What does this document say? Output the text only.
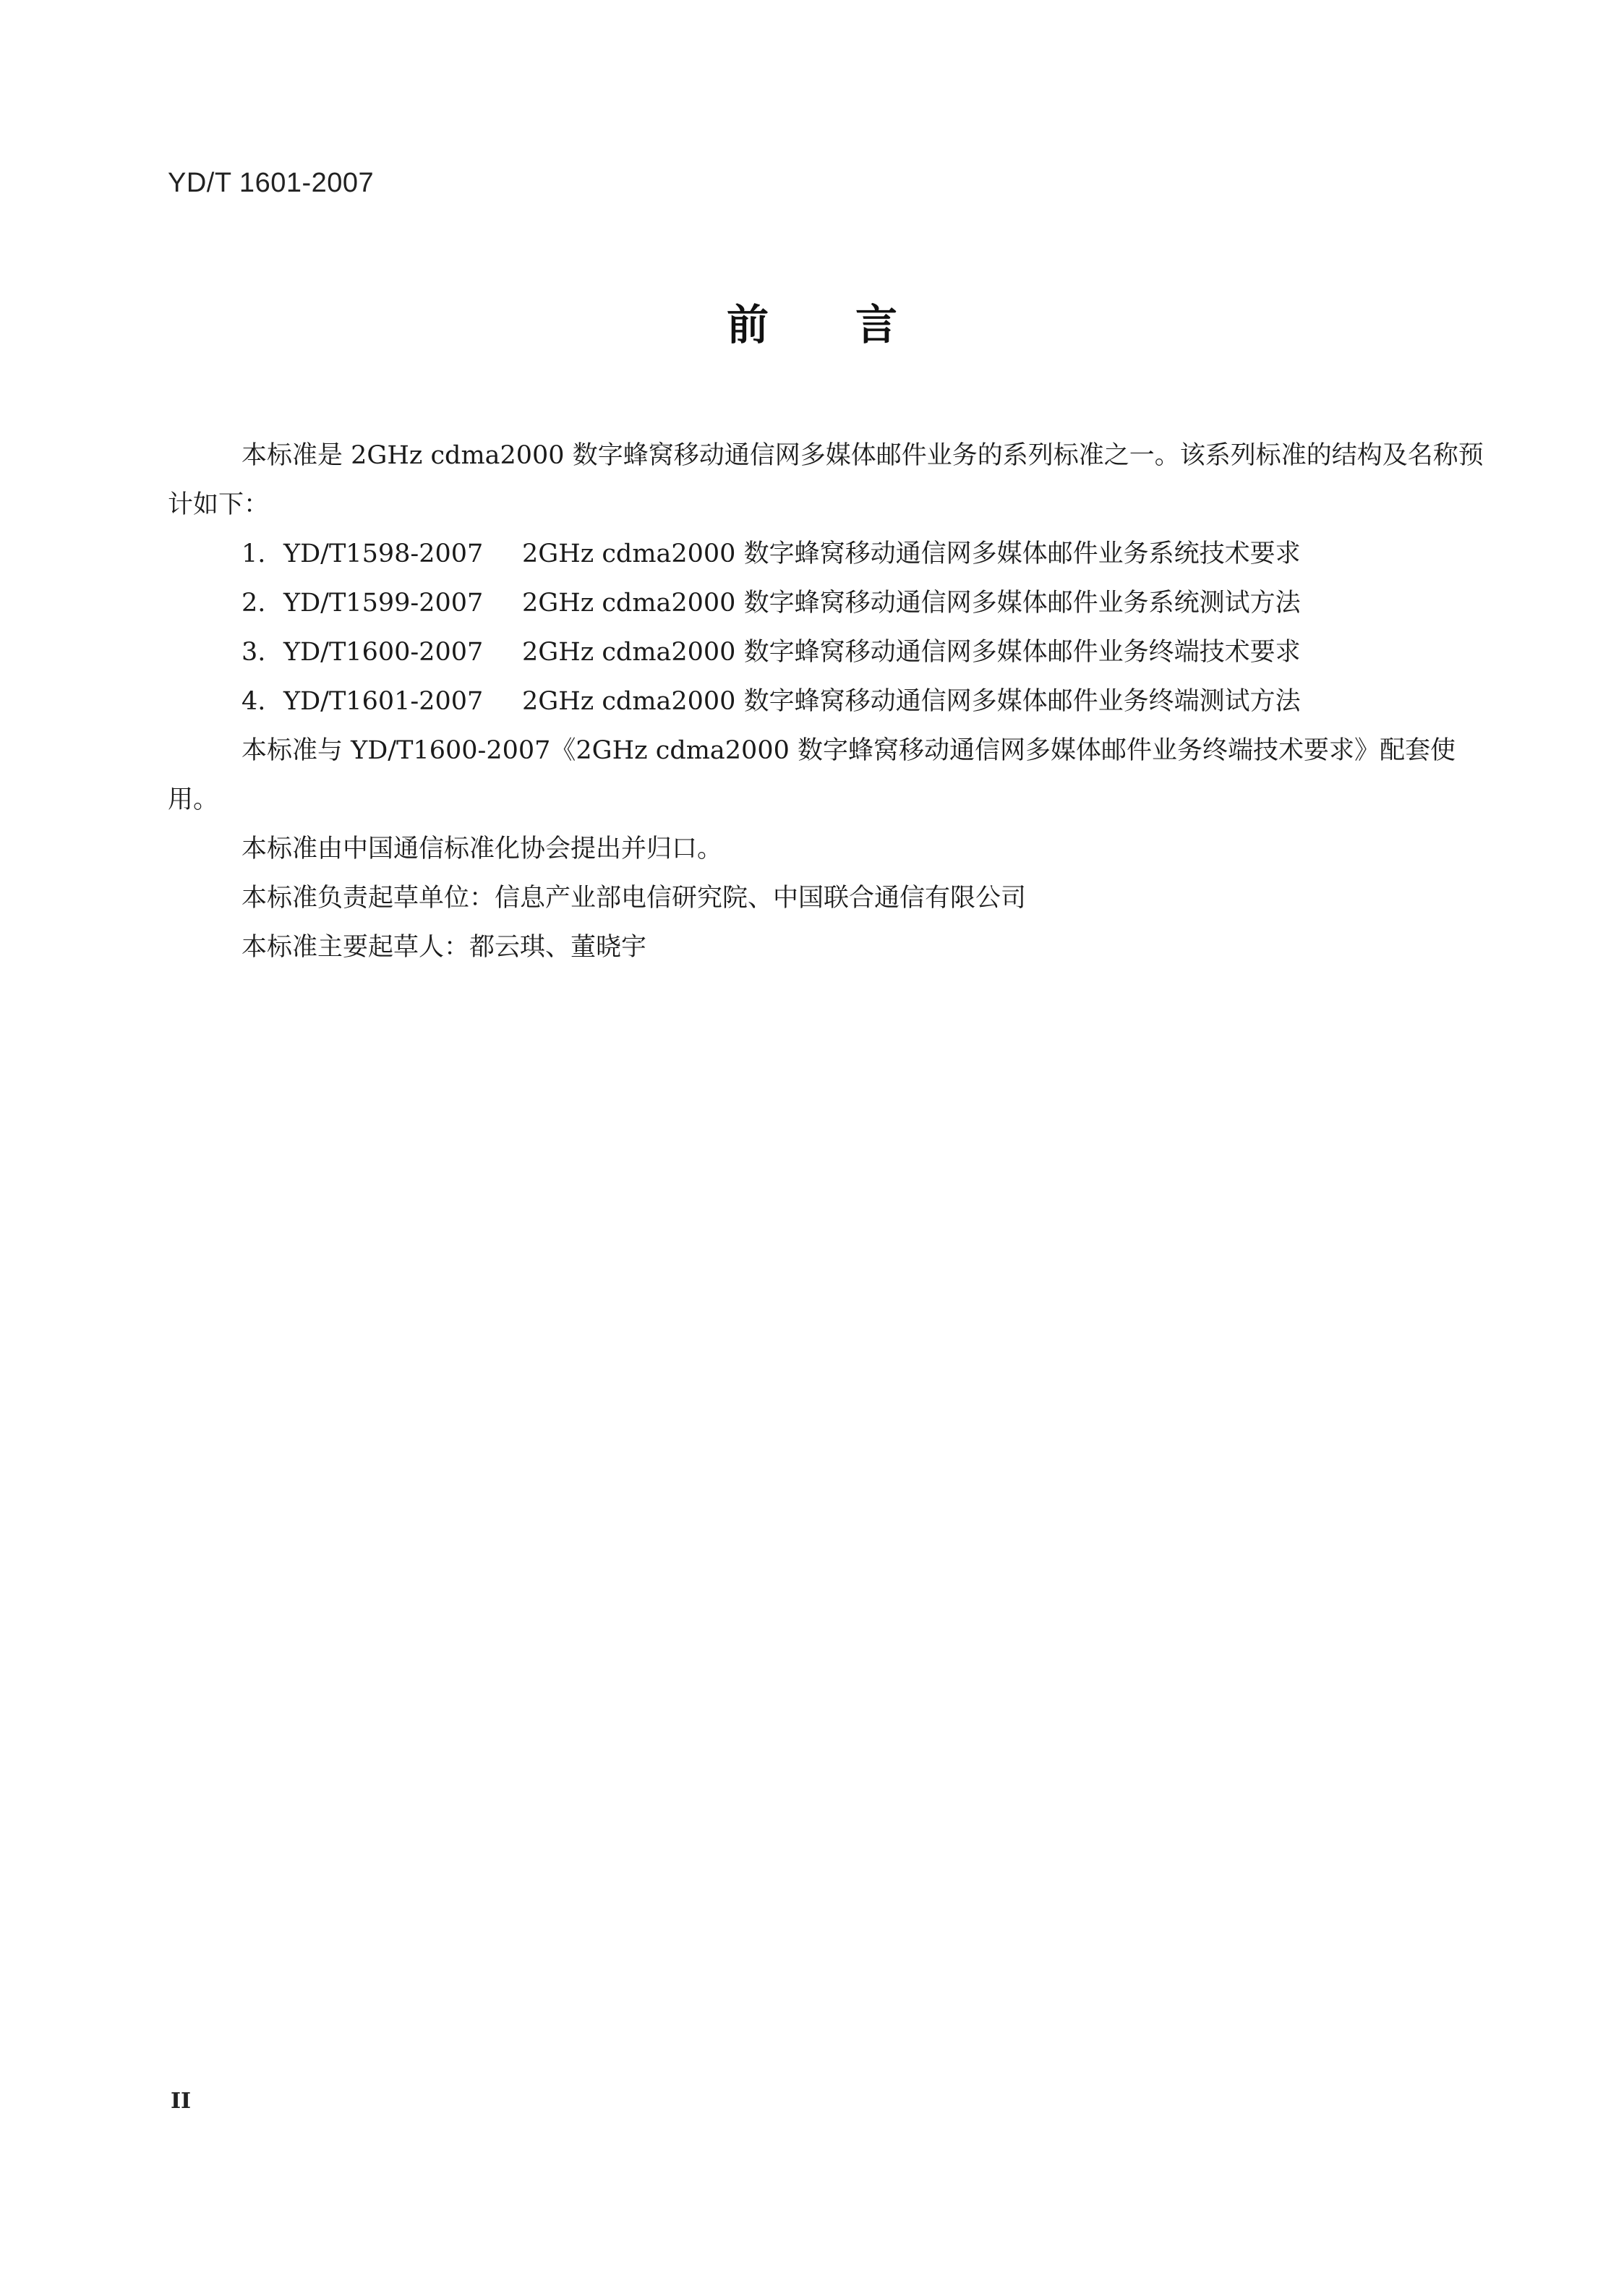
YD/T 1601-2007
前言

本标准是 2GHz cdma2000 数字蜂窝移动通信网多媒体邮件业务的系列标准之一。该系列标准的结构及名称预计如下：

1. YD/T1598-2007	2GHz cdma2000 数字蜂窝移动通信网多媒体邮件业务系统技术要求
2. YD/T1599-2007	2GHz cdma2000 数字蜂窝移动通信网多媒体邮件业务系统测试方法
3. YD/T1600-2007	2GHz cdma2000 数字蜂窝移动通信网多媒体邮件业务终端技术要求
4. YD/T1601-2007	2GHz cdma2000 数字蜂窝移动通信网多媒体邮件业务终端测试方法

本标准与 YD/T1600-2007《2GHz cdma2000 数字蜂窝移动通信网多媒体邮件业务终端技术要求》配套使用。

本标准由中国通信标准化协会提出并归口。

本标准负责起草单位：信息产业部电信研究院、中国联合通信有限公司

本标准主要起草人：都云琪、董晓宇

II
